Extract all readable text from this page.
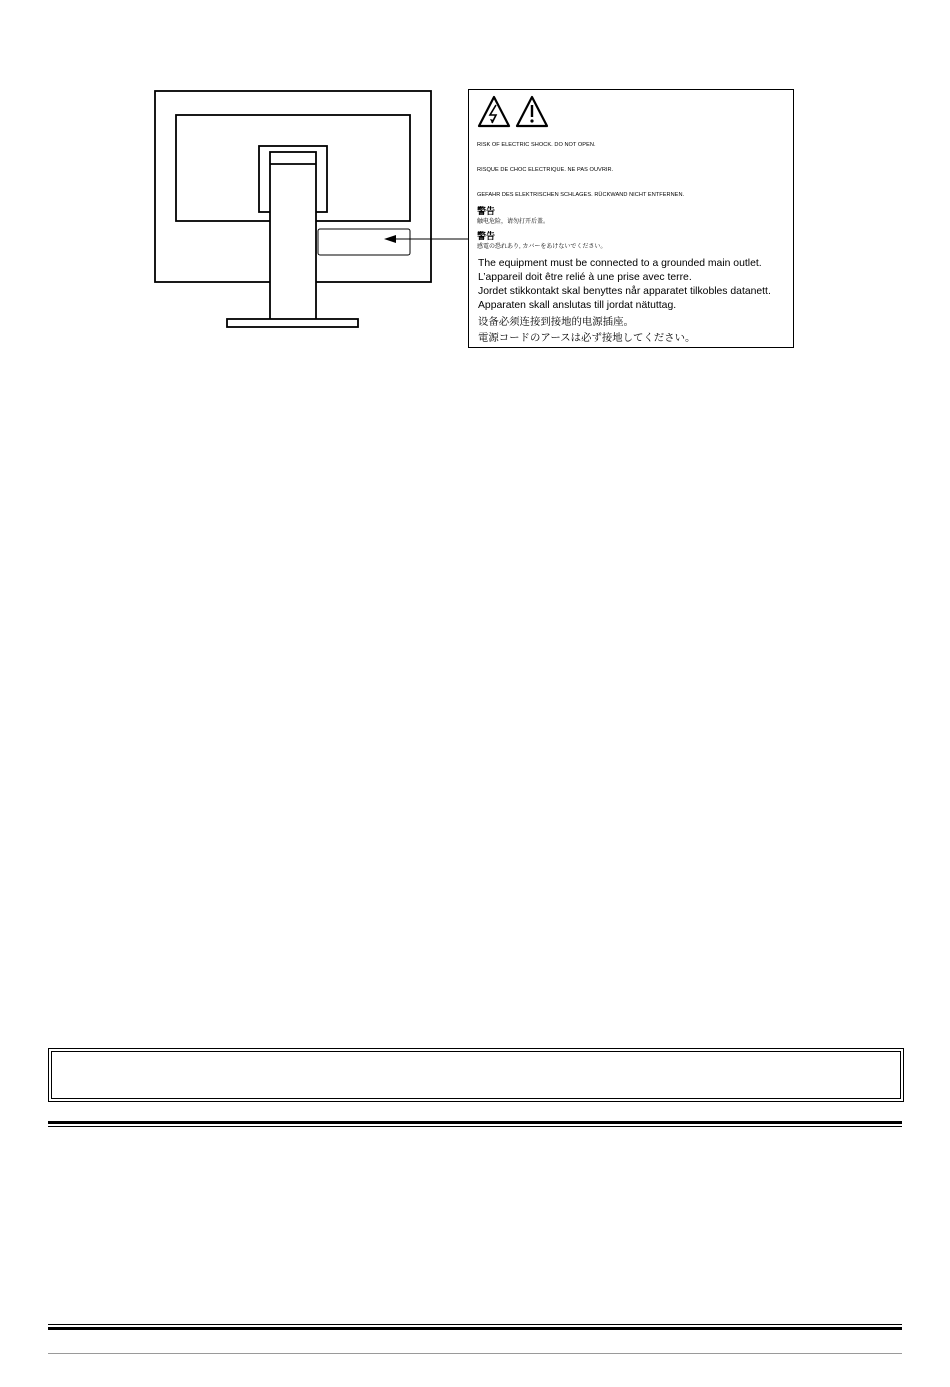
RISK OF ELECTRIC SHOCK. DO NOT OPEN.
RISQUE DE CHOC ELECTRIQUE. NE PAS OUVRIR.
GEFAHR DES ELEKTRISCHEN SCHLAGES. RÜCKWAND NICHT ENTFERNEN.
警告
触电危险，请勿打开后盖。
警告
感電の恐れあり, カバーをあけないでください。
The equipment must be connected to a grounded main outlet.
L’appareil doit être relié à une prise avec terre.
Jordet stikkontakt skal benyttes når apparatet tilkobles datanett.
Apparaten skall anslutas till jordat nätuttag.
设备必须连接到接地的电源插座。
電源コードのアースは必ず接地してください。
